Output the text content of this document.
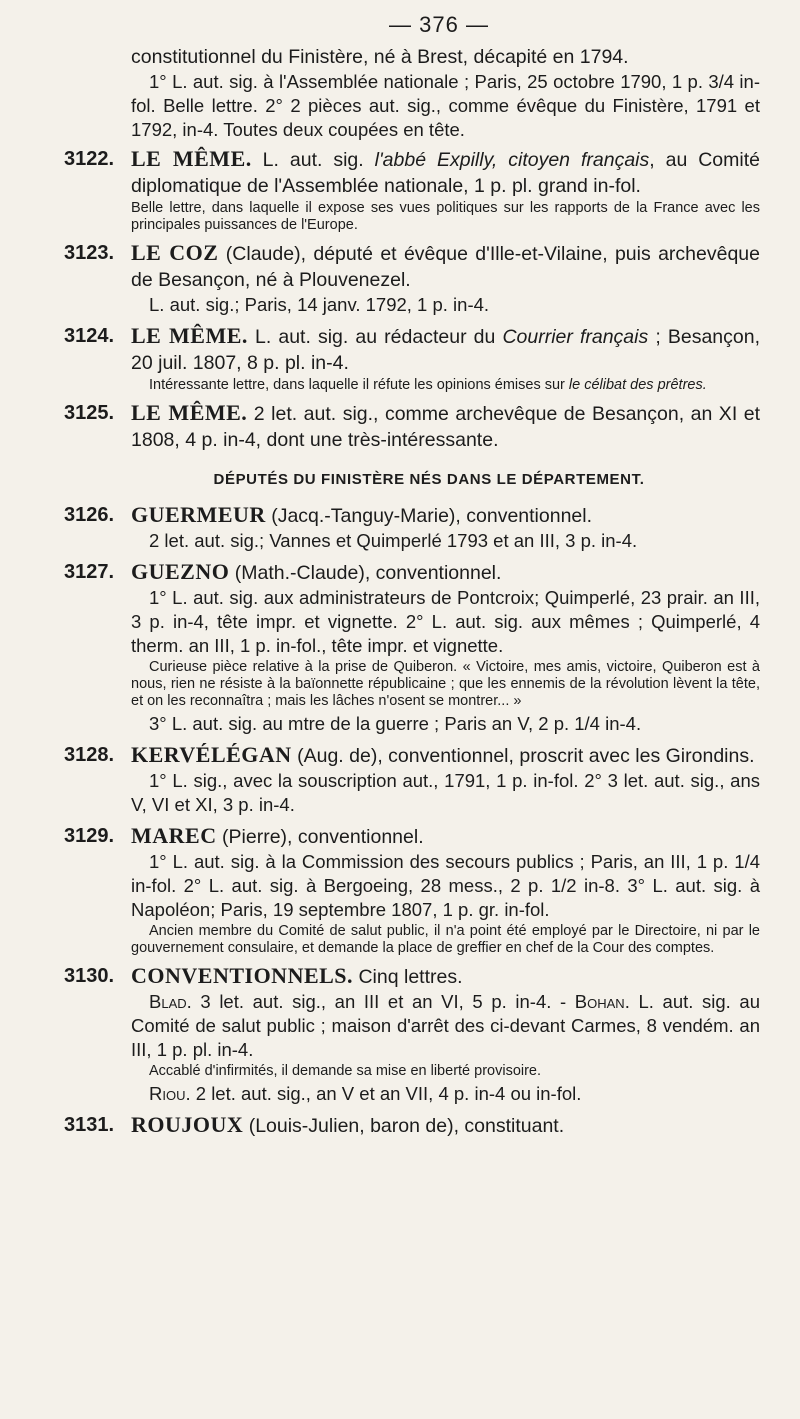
— 376 —

constitutionnel du Finistère, né à Brest, décapité en 1794.

1° L. aut. sig. à l'Assemblée nationale ; Paris, 25 octobre 1790, 1 p. 3/4 in-fol. Belle lettre. 2° 2 pièces aut. sig., comme évêque du Finistère, 1791 et 1792, in-4. Toutes deux coupées en tête.

3122. LE MÊME. L. aut. sig. l'abbé Expilly, citoyen français, au Comité diplomatique de l'Assemblée nationale, 1 p. pl. grand in-fol.

Belle lettre, dans laquelle il expose ses vues politiques sur les rapports de la France avec les principales puissances de l'Europe.

3123. LE COZ (Claude), député et évêque d'Ille-et-Vilaine, puis archevêque de Besançon, né à Plouvenezel.

L. aut. sig.; Paris, 14 janv. 1792, 1 p. in-4.

3124. LE MÊME. L. aut. sig. au rédacteur du Courrier français ; Besançon, 20 juil. 1807, 8 p. pl. in-4.

Intéressante lettre, dans laquelle il réfute les opinions émises sur le célibat des prêtres.

3125. LE MÊME. 2 let. aut. sig., comme archevêque de Besançon, an XI et 1808, 4 p. in-4, dont une très-intéressante.

DÉPUTÉS DU FINISTÈRE NÉS DANS LE DÉPARTEMENT.
3126. GUERMEUR (Jacq.-Tanguy-Marie), conventionnel.

2 let. aut. sig.; Vannes et Quimperlé 1793 et an III, 3 p. in-4.

3127. GUEZNO (Math.-Claude), conventionnel.

1° L. aut. sig. aux administrateurs de Pontcroix; Quimperlé, 23 prair. an III, 3 p. in-4, tête impr. et vignette. 2° L. aut. sig. aux mêmes ; Quimperlé, 4 therm. an III, 1 p. in-fol., tête impr. et vignette.

Curieuse pièce relative à la prise de Quiberon. « Victoire, mes amis, victoire, Quiberon est à nous, rien ne résiste à la baïonnette républicaine ; que les ennemis de la révolution lèvent la tête, et on les reconnaîtra ; mais les lâches n'osent se montrer... »

3° L. aut. sig. au mtre de la guerre ; Paris an V, 2 p. 1/4 in-4.

3128. KERVÉLÉGAN (Aug. de), conventionnel, proscrit avec les Girondins.

1° L. sig., avec la souscription aut., 1791, 1 p. in-fol. 2° 3 let. aut. sig., ans V, VI et XI, 3 p. in-4.

3129. MAREC (Pierre), conventionnel.

1° L. aut. sig. à la Commission des secours publics ; Paris, an III, 1 p. 1/4 in-fol. 2° L. aut. sig. à Bergoeing, 28 mess., 2 p. 1/2 in-8. 3° L. aut. sig. à Napoléon; Paris, 19 septembre 1807, 1 p. gr. in-fol.

Ancien membre du Comité de salut public, il n'a point été employé par le Directoire, ni par le gouvernement consulaire, et demande la place de greffier en chef de la Cour des comptes.

3130. CONVENTIONNELS. Cinq lettres.

Blad. 3 let. aut. sig., an III et an VI, 5 p. in-4. - Bohan. L. aut. sig. au Comité de salut public ; maison d'arrêt des ci-devant Carmes, 8 vendém. an III, 1 p. pl. in-4.

Accablé d'infirmités, il demande sa mise en liberté provisoire.

Riou. 2 let. aut. sig., an V et an VII, 4 p. in-4 ou in-fol.

3131. ROUJOUX (Louis-Julien, baron de), constituant.
